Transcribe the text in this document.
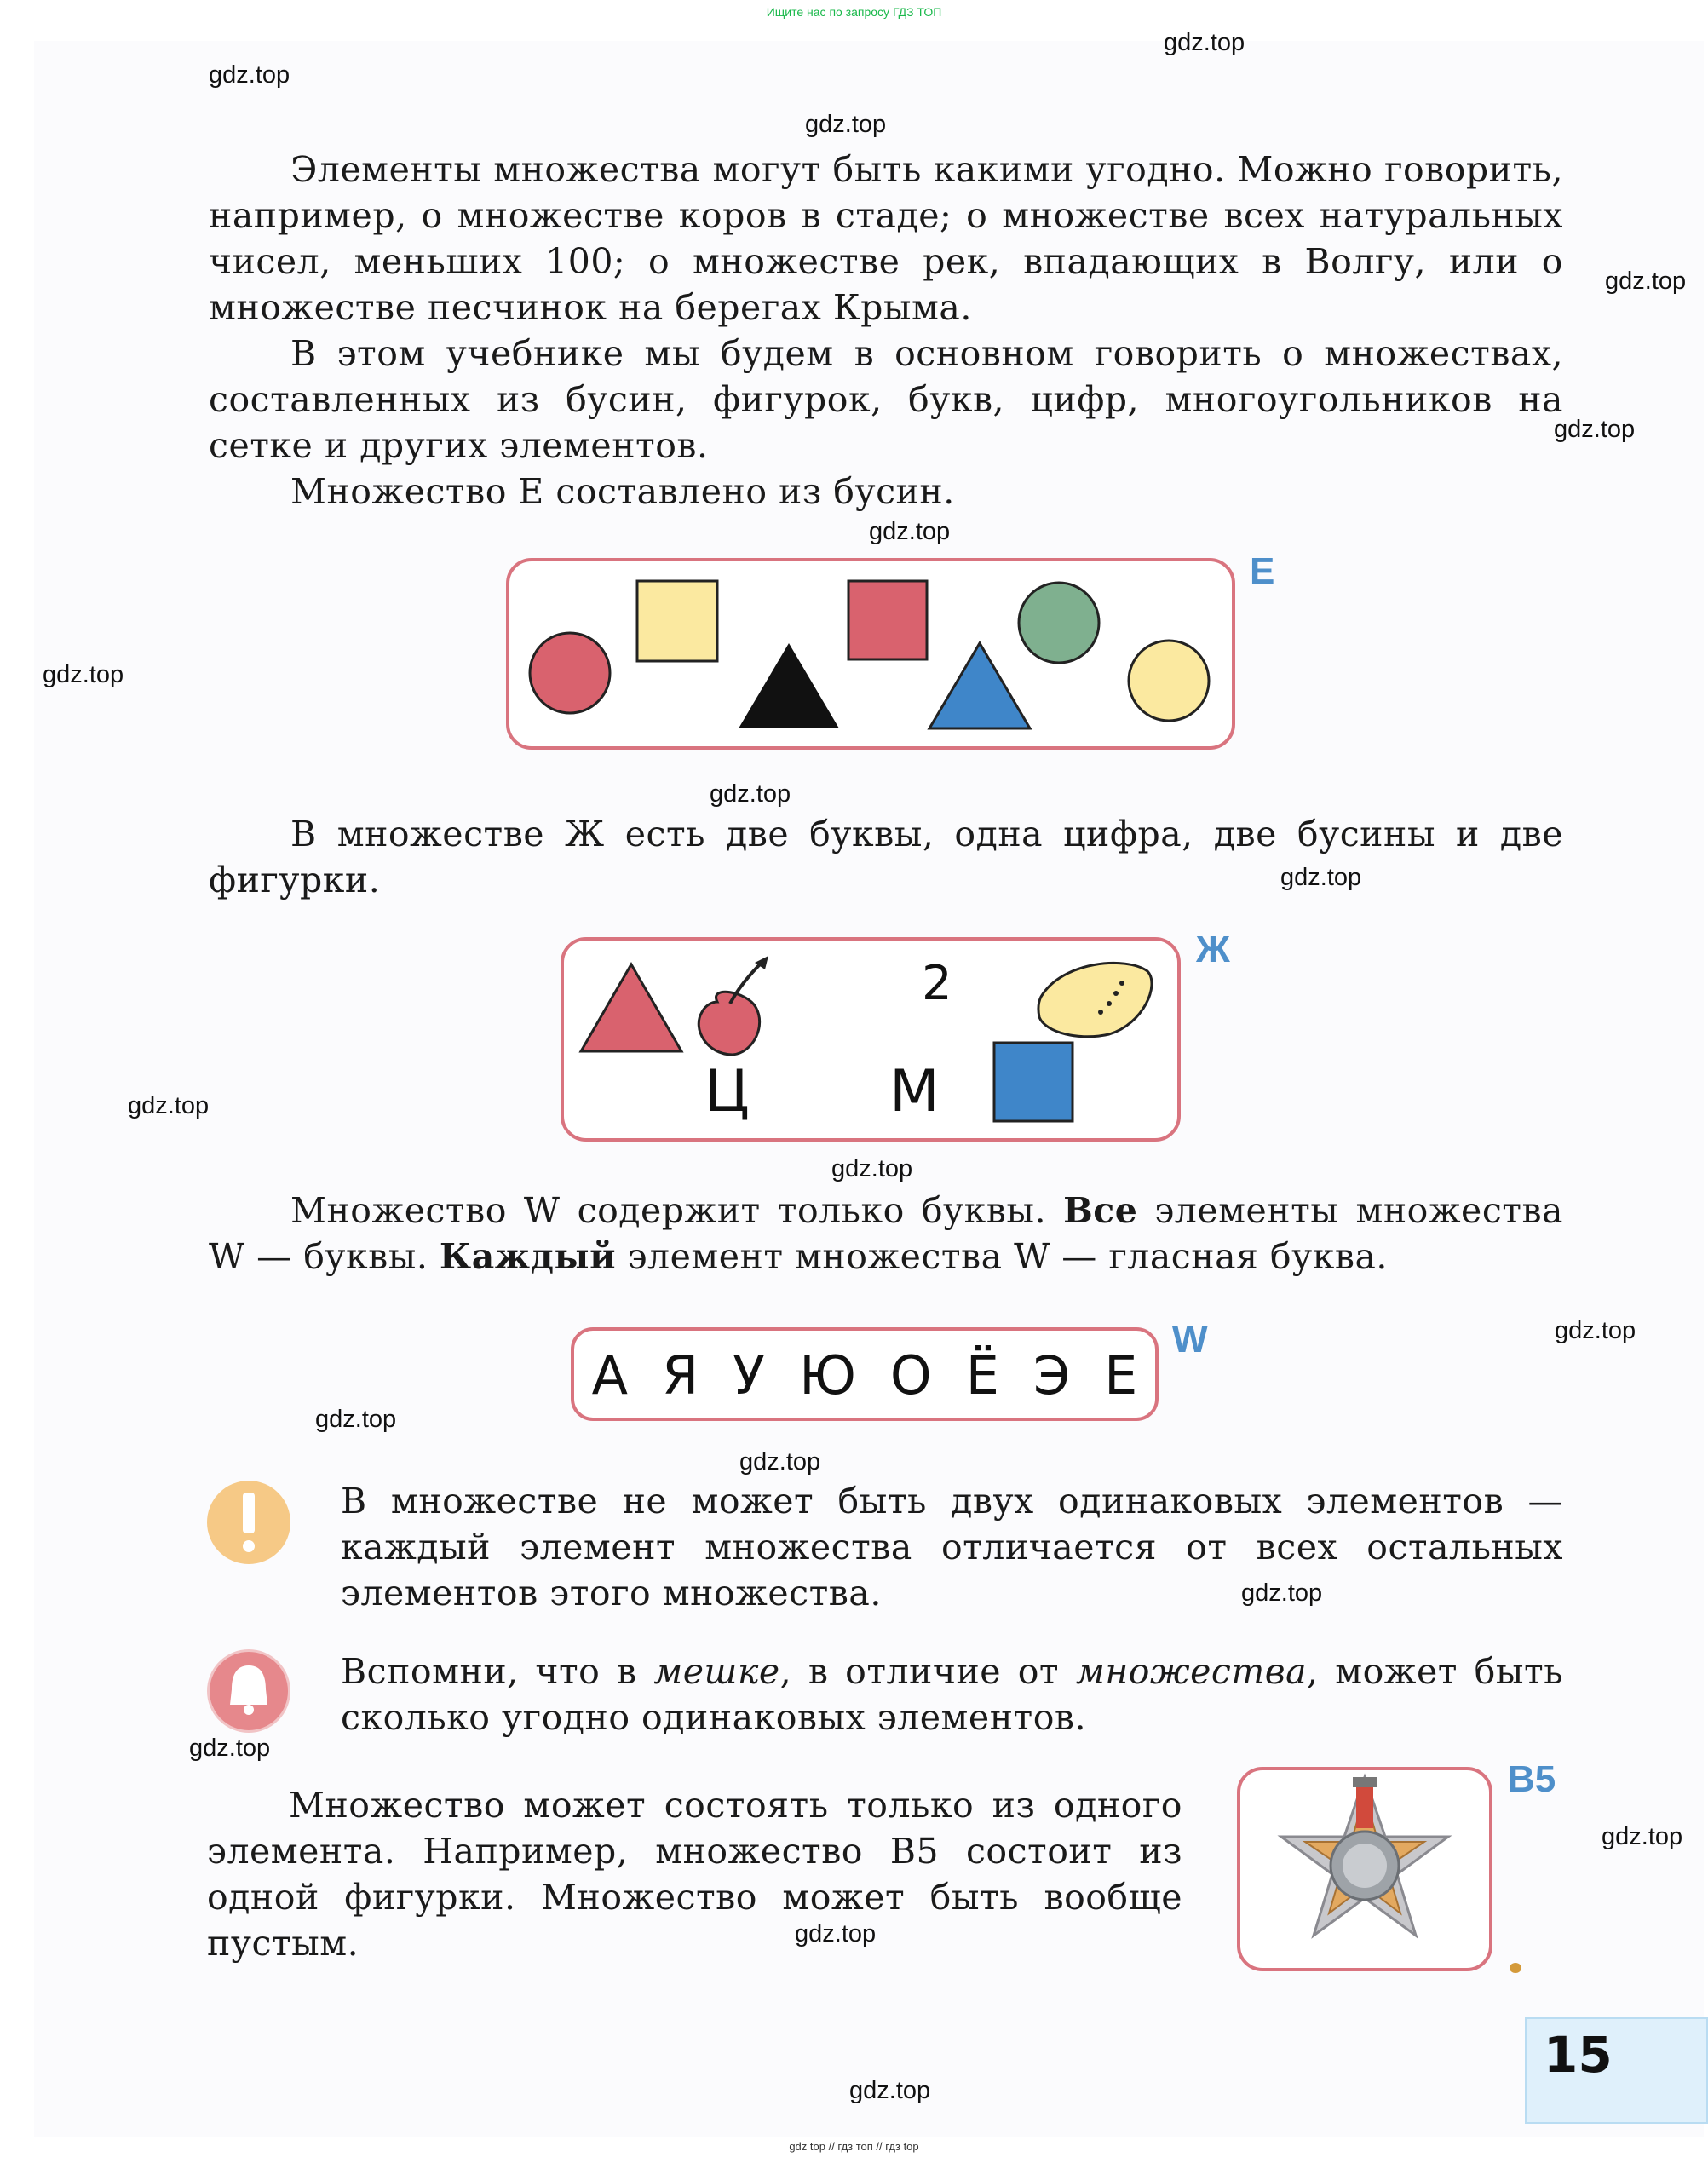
Ищите нас по запросу ГДЗ ТОП
gdz.top
gdz.top
gdz.top
gdz.top
gdz.top
gdz.top
gdz.top
gdz.top
gdz.top
gdz.top
gdz.top
gdz.top
gdz.top
gdz.top
gdz.top
gdz.top
gdz.top
gdz.top
gdz.top

Элементы множества могут быть какими угодно. Можно говорить, например, о множестве коров в стаде; о множестве всех натуральных чисел, меньших 100; о множестве рек, впадающих в Волгу, или о множестве песчинок на берегах Крыма.

В этом учебнике мы будем в основном говорить о множествах, составленных из бусин, фигурок, букв, цифр, многоугольников на сетке и других элементов.

Множество Е составлено из бусин.

E

В множестве Ж есть две буквы, одна цифра, две бусины и две фигурки.

2
Ц М
Ж

Множество W содержит только буквы. Все элементы множества W — буквы. Каждый элемент множества W — гласная буква.

А Я У Ю О Ё Э Е
W

В множестве не может быть двух одинаковых элементов — каждый элемент множества отличается от всех остальных элементов этого множества.

Вспомни, что в мешке, в отличие от множества, может быть сколько угодно одинаковых элементов.

Множество может состоять только из одного элемента. Например, множество В5 состоит из одной фигурки. Множество может быть вообще пустым.

B5
15
gdz top // гдз топ // гдз top
